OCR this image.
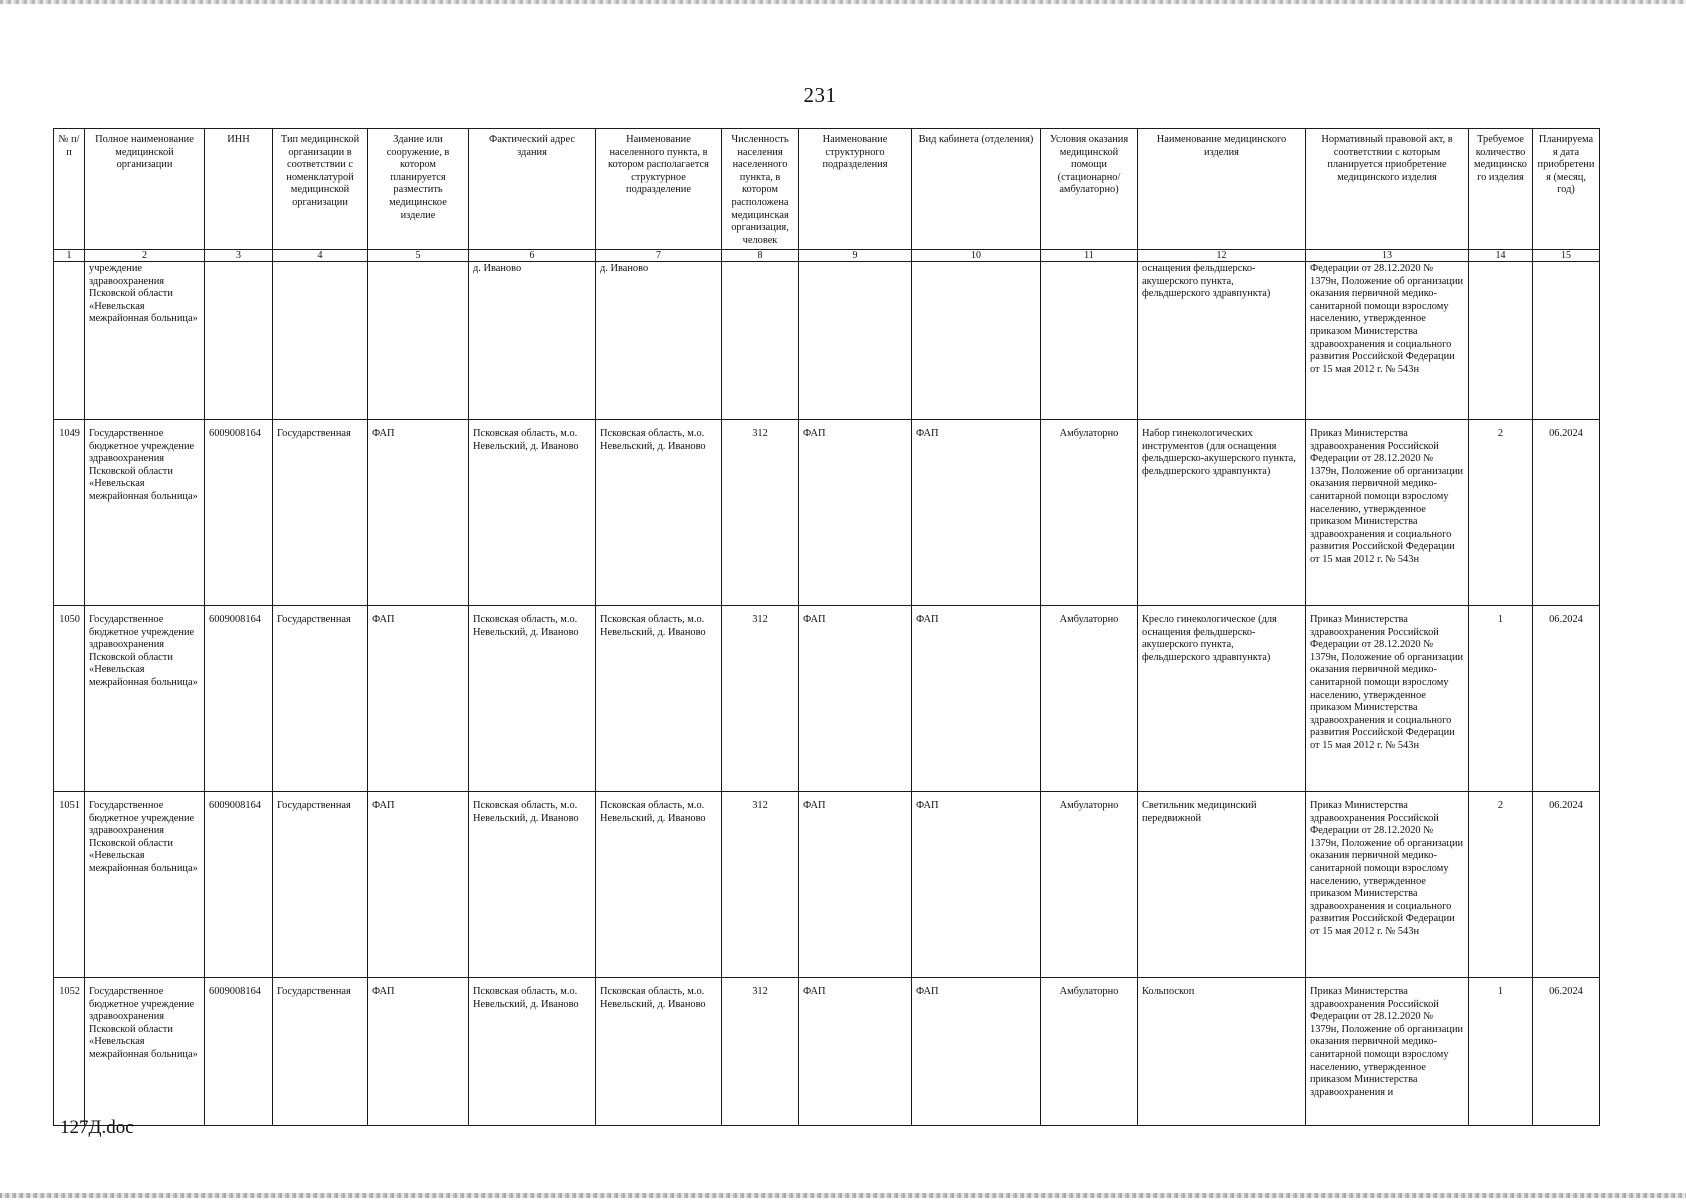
231
№ п/п	Полное наименование медицинской организации	ИНН	Тип медицинской организации в соответствии с номенклатурой медицинской организации	Здание или сооружение, в котором планируется разместить медицинское изделие	Фактический адрес здания	Наименование населенного пункта, в котором располагается структурное подразделение	Численность населения населенного пункта, в котором расположена медицинская организация, человек	Наименование структурного подразделения	Вид кабинета (отделения)	Условия оказания медицинской помощи (стационарно/ амбулаторно)	Наименование медицинского изделия	Нормативный правовой акт, в соответствии с которым планируется приобретение медицинского изделия	Требуемое количество медицинского изделия	Планируемая дата приобретения (месяц, год)
1	2	3	4	5	6	7	8	9	10	11	12	13	14	15
	учреждение здравоохранения Псковской области «Невельская межрайонная больница»				д. Иваново	д. Иваново					оснащения фельдшерско-акушерского пункта, фельдшерского здравпункта)	Федерации от 28.12.2020 № 1379н, Положение об организации оказания первичной медико-санитарной помощи взрослому населению, утвержденное приказом Министерства здравоохранения и социального развития Российской Федерации от 15 мая 2012 г. № 543н		
1049	Государственное бюджетное учреждение здравоохранения Псковской области «Невельская межрайонная больница»	6009008164	Государственная	ФАП	Псковская область, м.о. Невельский, д. Иваново	Псковская область, м.о. Невельский, д. Иваново	312	ФАП	ФАП	Амбулаторно	Набор гинекологических инструментов (для оснащения фельдшерско-акушерского пункта, фельдшерского здравпункта)	Приказ Министерства здравоохранения Российской Федерации от 28.12.2020 № 1379н, Положение об организации оказания первичной медико-санитарной помощи взрослому населению, утвержденное приказом Министерства здравоохранения и социального развития Российской Федерации от 15 мая 2012 г. № 543н	2	06.2024
1050	Государственное бюджетное учреждение здравоохранения Псковской области «Невельская межрайонная больница»	6009008164	Государственная	ФАП	Псковская область, м.о. Невельский, д. Иваново	Псковская область, м.о. Невельский, д. Иваново	312	ФАП	ФАП	Амбулаторно	Кресло гинекологическое (для оснащения фельдшерско-акушерского пункта, фельдшерского здравпункта)	Приказ Министерства здравоохранения Российской Федерации от 28.12.2020 № 1379н, Положение об организации оказания первичной медико-санитарной помощи взрослому населению, утвержденное приказом Министерства здравоохранения и социального развития Российской Федерации от 15 мая 2012 г. № 543н	1	06.2024
1051	Государственное бюджетное учреждение здравоохранения Псковской области «Невельская межрайонная больница»	6009008164	Государственная	ФАП	Псковская область, м.о. Невельский, д. Иваново	Псковская область, м.о. Невельский, д. Иваново	312	ФАП	ФАП	Амбулаторно	Светильник медицинский передвижной	Приказ Министерства здравоохранения Российской Федерации от 28.12.2020 № 1379н, Положение об организации оказания первичной медико-санитарной помощи взрослому населению, утвержденное приказом Министерства здравоохранения и социального развития Российской Федерации от 15 мая 2012 г. № 543н	2	06.2024
1052	Государственное бюджетное учреждение здравоохранения Псковской области «Невельская межрайонная больница»	6009008164	Государственная	ФАП	Псковская область, м.о. Невельский, д. Иваново	Псковская область, м.о. Невельский, д. Иваново	312	ФАП	ФАП	Амбулаторно	Кольпоскоп	Приказ Министерства здравоохранения Российской Федерации от 28.12.2020 № 1379н, Положение об организации оказания первичной медико-санитарной помощи взрослому населению, утвержденное приказом Министерства здравоохранения и	1	06.2024
127Д.doc
